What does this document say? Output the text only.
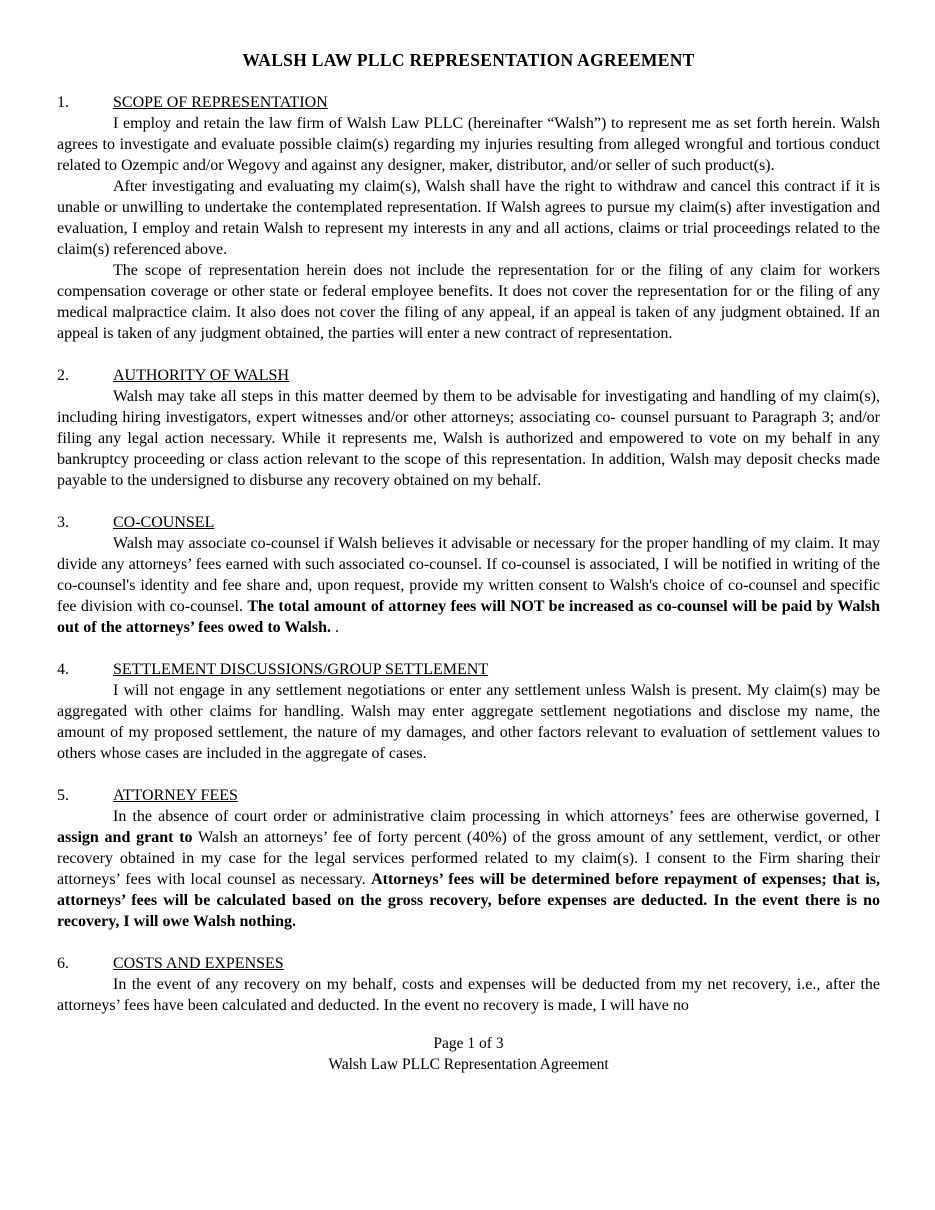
WALSH LAW PLLC REPRESENTATION AGREEMENT
1.	SCOPE OF REPRESENTATION

I employ and retain the law firm of Walsh Law PLLC (hereinafter “Walsh”) to represent me as set forth herein. Walsh agrees to investigate and evaluate possible claim(s) regarding my injuries resulting from alleged wrongful and tortious conduct related to Ozempic and/or Wegovy and against any designer, maker, distributor, and/or seller of such product(s).

After investigating and evaluating my claim(s), Walsh shall have the right to withdraw and cancel this contract if it is unable or unwilling to undertake the contemplated representation. If Walsh agrees to pursue my claim(s) after investigation and evaluation, I employ and retain Walsh to represent my interests in any and all actions, claims or trial proceedings related to the claim(s) referenced above.

The scope of representation herein does not include the representation for or the filing of any claim for workers compensation coverage or other state or federal employee benefits. It does not cover the representation for or the filing of any medical malpractice claim. It also does not cover the filing of any appeal, if an appeal is taken of any judgment obtained. If an appeal is taken of any judgment obtained, the parties will enter a new contract of representation.

2.	AUTHORITY OF WALSH

Walsh may take all steps in this matter deemed by them to be advisable for investigating and handling of my claim(s), including hiring investigators, expert witnesses and/or other attorneys; associating co- counsel pursuant to Paragraph 3; and/or filing any legal action necessary. While it represents me, Walsh is authorized and empowered to vote on my behalf in any bankruptcy proceeding or class action relevant to the scope of this representation. In addition, Walsh may deposit checks made payable to the undersigned to disburse any recovery obtained on my behalf.

3.	CO-COUNSEL

Walsh may associate co-counsel if Walsh believes it advisable or necessary for the proper handling of my claim. It may divide any attorneys’ fees earned with such associated co-counsel. If co-counsel is associated, I will be notified in writing of the co-counsel's identity and fee share and, upon request, provide my written consent to Walsh's choice of co-counsel and specific fee division with co-counsel. The total amount of attorney fees will NOT be increased as co-counsel will be paid by Walsh out of the attorneys’ fees owed to Walsh. .

4.	SETTLEMENT DISCUSSIONS/GROUP SETTLEMENT

I will not engage in any settlement negotiations or enter any settlement unless Walsh is present. My claim(s) may be aggregated with other claims for handling. Walsh may enter aggregate settlement negotiations and disclose my name, the amount of my proposed settlement, the nature of my damages, and other factors relevant to evaluation of settlement values to others whose cases are included in the aggregate of cases.

5.	ATTORNEY FEES

In the absence of court order or administrative claim processing in which attorneys’ fees are otherwise governed, I assign and grant to Walsh an attorneys’ fee of forty percent (40%) of the gross amount of any settlement, verdict, or other recovery obtained in my case for the legal services performed related to my claim(s). I consent to the Firm sharing their attorneys’ fees with local counsel as necessary. Attorneys’ fees will be determined before repayment of expenses; that is, attorneys’ fees will be calculated based on the gross recovery, before expenses are deducted. In the event there is no recovery, I will owe Walsh nothing.

6.	COSTS AND EXPENSES

In the event of any recovery on my behalf, costs and expenses will be deducted from my net recovery, i.e., after the attorneys’ fees have been calculated and deducted. In the event no recovery is made, I will have no

Page 1 of 3
Walsh Law PLLC Representation Agreement
